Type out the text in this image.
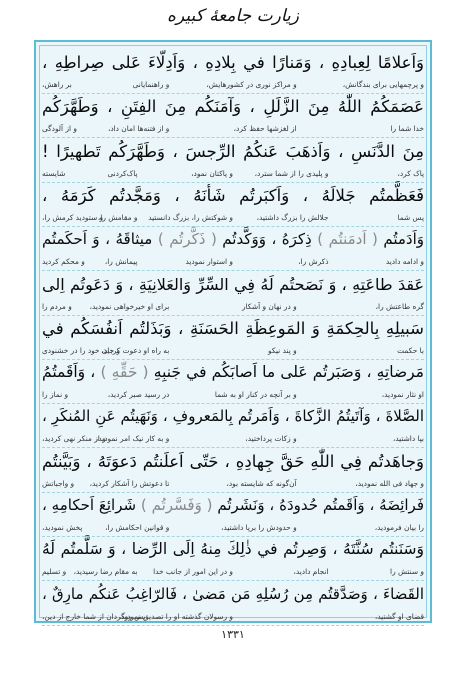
زیارت جامعهٔ کبیره
وَاَعلامًا لِعِبادِهِ ، وَمَنارًا في بِلادِهِ ، وَاَدِلّاءَ عَلى صِراطِهِ ،
و پرچمهایی برای بندگانش،
و مراکز نوری در کشورهایش،
و راهنمایانی
بر راهش،
عَصَمَكُمُ اللّٰهُ مِنَ الزَّلَلِ ، وَآمَنَكُم مِنَ الفِتَنِ ، وَطَهَّرَكُم
خدا شما را
از لغزشها حفظ کرد،
و از فتنه‌ها امان داد،
و از آلودگی
مِنَ الدَّنَسِ ، وَاَذهَبَ عَنكُمُ الرِّجسَ ، وَطَهَّرَكُم تَطهيرًا !
پاک کرد،
و پلیدی را از شما سترد،
و پاکتان نمود،
پاک‌کردنی
شایسته
فَعَظَّمتُم جَلالَهُ ، وَاَكبَرتُم شَأنَهُ ، وَمَجَّدتُم كَرَمَهُ ،
پس شما
جلالش را بزرگ داشتید،
و شوکتش را، بزرگ دانستید
و مقامش را،
و ستودید کرمش را،
وَاَدَمتُم ( اَدمَنتُم ) ذِكرَهُ ، وَوَكَّدتُم ( ذَكَّرتُم ) ميثاقَهُ ، وَ اَحكَمتُم
و ادامه دادید
ذکرش را،
و استوار نمودید
پیمانش را،
و محکم کردید
عَقدَ طاعَتِهِ ، وَ نَصَحتُم لَهُ فِي السِّرِّ وَالعَلانِيَةِ ، وَ دَعَوتُم اِلى
گره طاعتش را،
و در نهان و آشکار
برای او خیرخواهی نمودید،
و مردم را
سَبيلِهِ بِالحِكمَةِ وَ المَوعِظَةِ الحَسَنَةِ ، وَبَذَلتُم اَنفُسَكُم في
با حکمت
و پند نیکو
به راه او دعوت کردید،
و جان خود را در خشنودی
مَرضاتِهِ ، وَصَبَرتُم عَلى ما اَصابَكُم في جَنبِهِ ( حَقِّهِ ) ، وَاَقَمتُمُ
او نثار نمودید،
و بر آنچه در کنار او به شما
در رسید صبر کردید،
و نماز را
الصَّلاةَ ، وَآتَيتُمُ الزَّكاةَ ، وَاَمَرتُم بِالمَعروفِ ، وَنَهَيتُم عَنِ المُنكَرِ ،
بپا داشتید،
و زکات پرداختید،
و به کار نیک امر نمودید،
و از منکر نهی کردید،
وَجاهَدتُم فِي اللّٰهِ حَقَّ جِهادِهِ ، حَتّى اَعلَنتُم دَعوَتَهُ ، وَبَيَّنتُم
و جهاد فی الله نمودید،
آن‌گونه که شایسته بود،
تا دعوتش را آشکار کردید،
و واجباتش
فَرائِضَهُ ، وَاَقَمتُم حُدودَهُ ، وَنَشَرتُم ( وَفَسَّرتُم ) شَرائِعَ اَحكامِهِ ،
را بیان فرمودید،
و حدودش را برپا داشتید،
و قوانین احکامش را،
پخش نمودید،
وَسَنَنتُم سُنَّتَهُ ، وَصِرتُم في ذٰلِكَ مِنهُ اِلَى الرِّضا ، وَ سَلَّمتُم لَهُ
و سنتش را
انجام دادید،
و در این امور از جانب خدا
به مقام رضا رسیدید،
و تسلیم
القَضاءَ ، وَصَدَّقتُم مِن رُسُلِهِ مَن مَضىٰ ، فَالرّاغِبُ عَنكُم مارِقٌ ،
قضای او گشتید،
و رسولان گذشته او را تصدیق نمودید،
پس روگردان از شما خارج از دین،
۱۳۳۱
